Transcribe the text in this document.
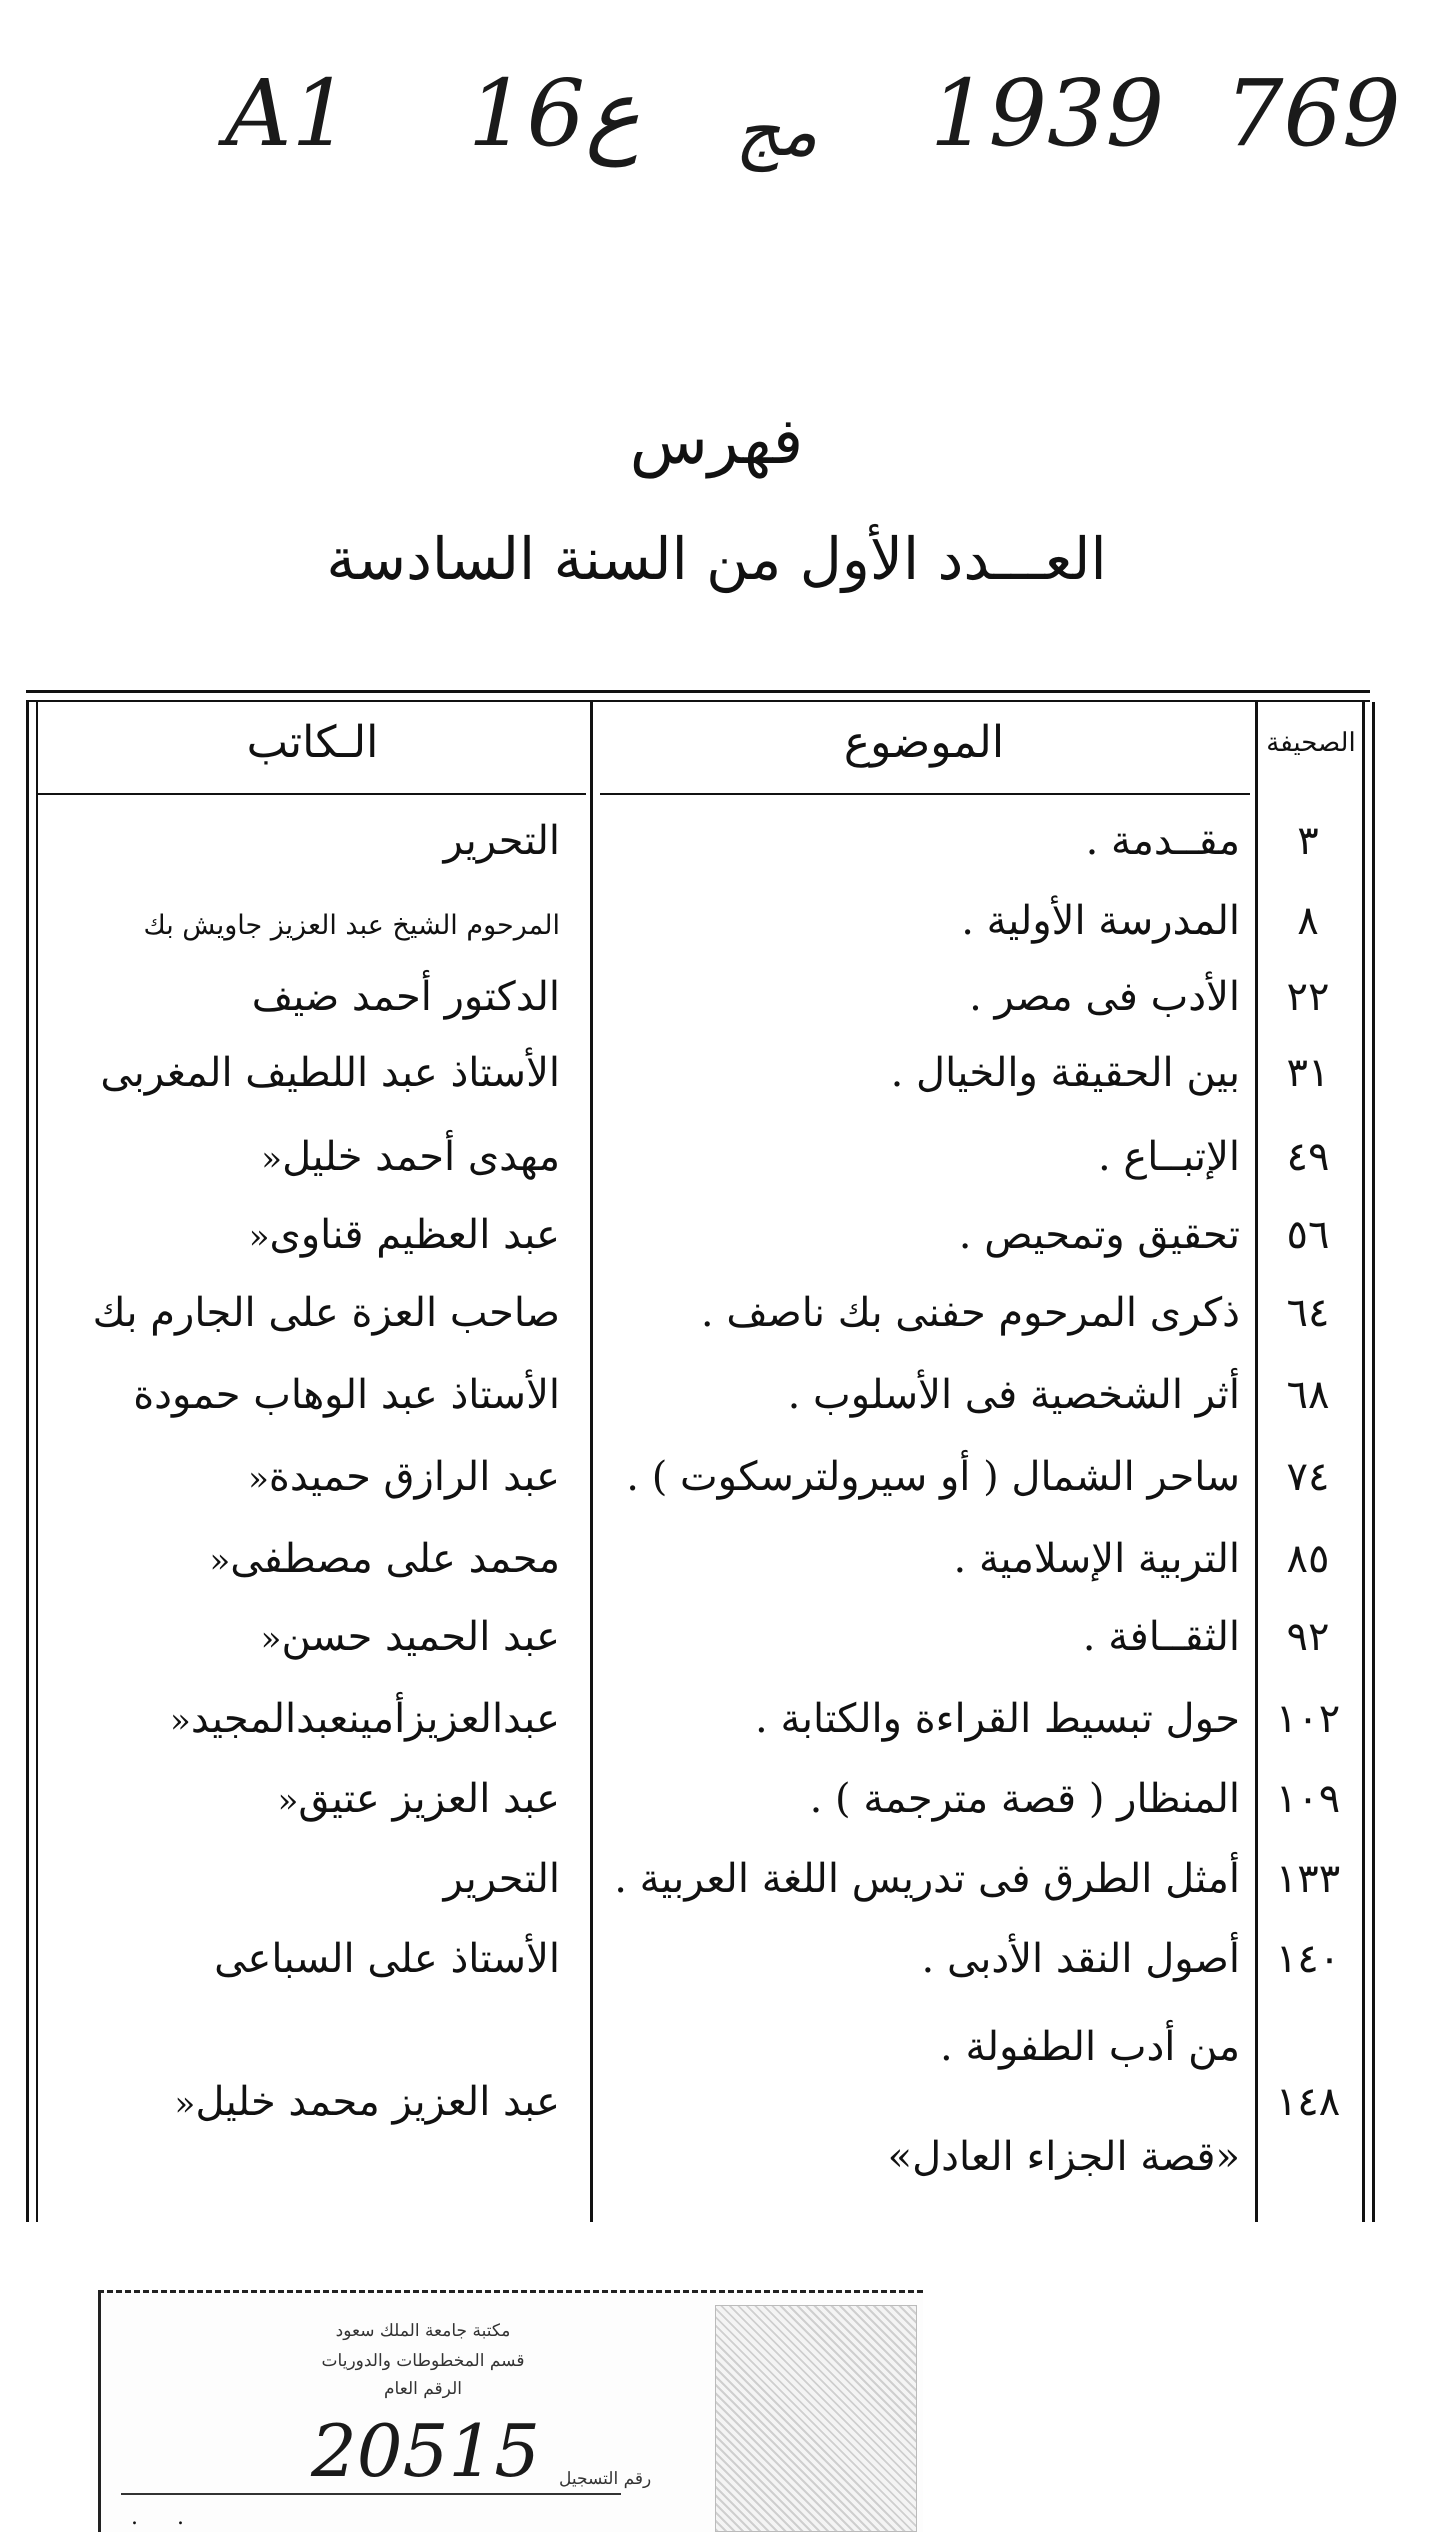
A1 1ع6 مج 1939 769
فهرس
العـــدد الأول من السنة السادسة
الـكاتب	الموضوع	الصحيفة
٣
مقــدمة .
التحرير
٨
المدرسة الأولية .
المرحوم الشيخ عبد العزيز جاويش بك
٢٢
الأدب فى مصر .
الدكتور أحمد ضيف
٣١
بين الحقيقة والخيال .
الأستاذ عبد اللطيف المغربى
٤٩
الإتبــاع .
مهدى أحمد خليل«
٥٦
تحقيق وتمحيص .
عبد العظيم قناوى«
٦٤
ذكرى المرحوم حفنى بك ناصف .
صاحب العزة على الجارم بك
٦٨
أثر الشخصية فى الأسلوب .
الأستاذ عبد الوهاب حمودة
٧٤
ساحر الشمال ( أو سيرولترسكوت ) .
عبد الرازق حميدة«
٨٥
التربية الإسلامية .
محمد على مصطفى«
٩٢
الثقــافة .
عبد الحميد حسن«
١٠٢
حول تبسيط القراءة والكتابة .
عبدالعزيزأمينعبدالمجيد«
١٠٩
المنظار ( قصة مترجمة ) .
عبد العزيز عتيق«
١٣٣
أمثل الطرق فى تدريس اللغة العربية .
التحرير
١٤٠
أصول النقد الأدبى .
الأستاذ على السباعى
١٤٨
من أدب الطفولة .
«قصة الجزاء العادل»
عبد العزيز محمد خليل«
مكتبة جامعة الملك سعود
قسم المخطوطات والدوريات
الرقم العام
20515 رقم التسجيل
. .
